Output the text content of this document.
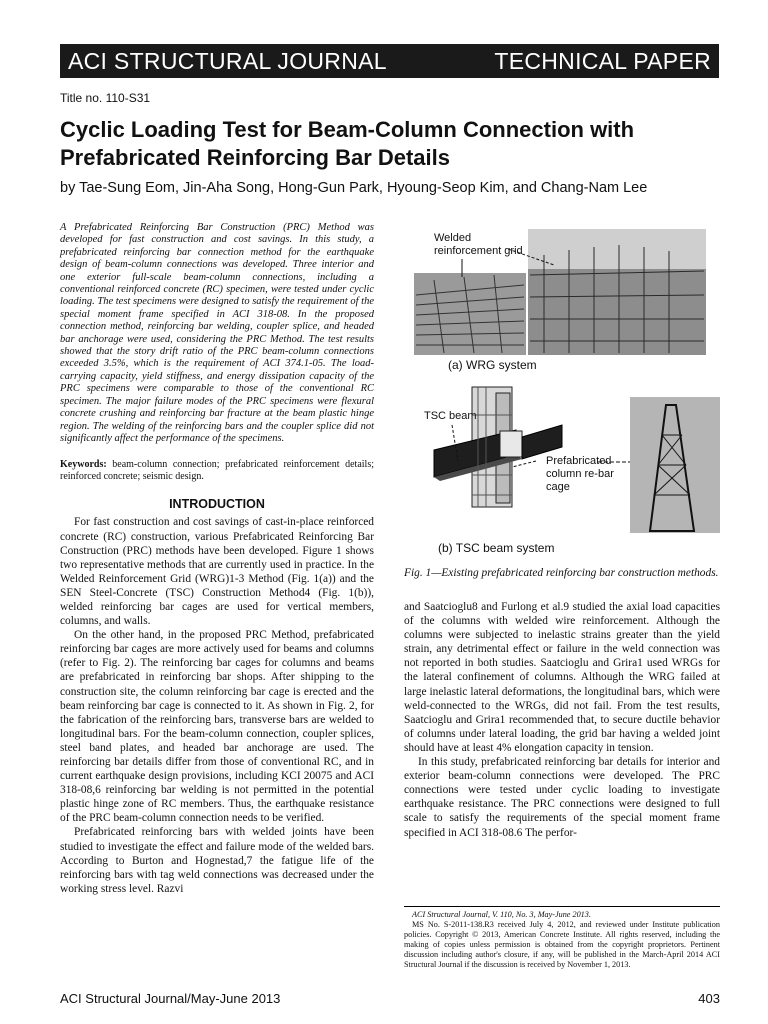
ACI STRUCTURAL JOURNAL	TECHNICAL PAPER
Title no. 110-S31
Cyclic Loading Test for Beam-Column Connection with Prefabricated Reinforcing Bar Details
by Tae-Sung Eom, Jin-Aha Song, Hong-Gun Park, Hyoung-Seop Kim, and Chang-Nam Lee

A Prefabricated Reinforcing Bar Construction (PRC) Method was developed for fast construction and cost savings. In this study, a prefabricated reinforcing bar connection method for the earthquake design of beam-column connections was developed. Three interior and one exterior full-scale beam-column connections, including a conventional reinforced concrete (RC) specimen, were tested under cyclic loading. The test specimens were designed to satisfy the requirement of the special moment frame specified in ACI 318-08. In the proposed connection method, reinforcing bar welding, coupler splice, and headed bar anchorage were used, considering the PRC Method. The test results showed that the story drift ratio of the PRC beam-column connections exceeded 3.5%, which is the requirement of ACI 374.1-05. The load-carrying capacity, yield stiffness, and energy dissipation capacity of the PRC specimens were comparable to those of the conventional RC specimen. The major failure modes of the PRC specimens were flexural concrete crushing and reinforcing bar fracture at the beam plastic hinge region. The welding of the reinforcing bars and the coupler splice did not significantly affect the performance of the specimens.

Keywords: beam-column connection; prefabricated reinforcement details; reinforced concrete; seismic design.

INTRODUCTION

For fast construction and cost savings of cast-in-place reinforced concrete (RC) construction, various Prefabricated Reinforcing Bar Construction (PRC) methods have been developed. Figure 1 shows two representative methods that are currently used in practice. In the Welded Reinforcement Grid (WRG)1-3 Method (Fig. 1(a)) and the SEN Steel-Concrete (TSC) Construction Method4 (Fig. 1(b)), welded reinforcing bar cages are used for vertical members, columns, and walls.

On the other hand, in the proposed PRC Method, prefabricated reinforcing bar cages are more actively used for beams and columns (refer to Fig. 2). The reinforcing bar cages for columns and beams are prefabricated in reinforcing bar shops. After shipping to the construction site, the column reinforcing bar cage is erected and the beam reinforcing bar cage is connected to it. As shown in Fig. 2, for the fabrication of the reinforcing bars, transverse bars are welded to longitudinal bars. For the beam-column connection, coupler splices, steel band plates, and headed bar anchorage are used. The reinforcing bar details differ from those of conventional RC, and in current earthquake design provisions, including KCI 20075 and ACI 318-08,6 reinforcing bar welding is not permitted in the potential plastic hinge zone of RC members. Thus, the earthquake resistance of the PRC beam-column connection needs to be verified.

Prefabricated reinforcing bars with welded joints have been studied to investigate the effect and failure mode of the welded bars. According to Burton and Hognestad,7 the fatigue life of the reinforcing bars with tag weld connections was decreased under the working stress level. Razvi

Welded reinforcement grid
(a) WRG system
TSC beam
Prefabricated column re-bar cage
(b) TSC beam system
Fig. 1—Existing prefabricated reinforcing bar construction methods.

and Saatcioglu8 and Furlong et al.9 studied the axial load capacities of the columns with welded wire reinforcement. Although the columns were subjected to inelastic strains greater than the yield strain, any detrimental effect or failure in the weld connection was not reported in both studies. Saatcioglu and Grira1 used WRGs for the lateral confinement of columns. Although the WRG failed at large inelastic lateral deformations, the longitudinal bars, which were weld-connected to the WRGs, did not fail. From the test results, Saatcioglu and Grira1 recommended that, to secure ductile behavior of columns under lateral loading, the grid bar having a welded joint should have at least 4% elongation capacity in tension.

In this study, prefabricated reinforcing bar details for interior and exterior beam-column connections were developed. The PRC connections were tested under cyclic loading to investigate earthquake resistance. The PRC connections were designed to full scale to satisfy the requirements of the special moment frame specified in ACI 318-08.6 The perfor-

ACI Structural Journal, V. 110, No. 3, May-June 2013.

MS No. S-2011-138.R3 received July 4, 2012, and reviewed under Institute publication policies. Copyright © 2013, American Concrete Institute. All rights reserved, including the making of copies unless permission is obtained from the copyright proprietors. Pertinent discussion including author's closure, if any, will be published in the March-April 2014 ACI Structural Journal if the discussion is received by November 1, 2013.

ACI Structural Journal/May-June 2013	403
